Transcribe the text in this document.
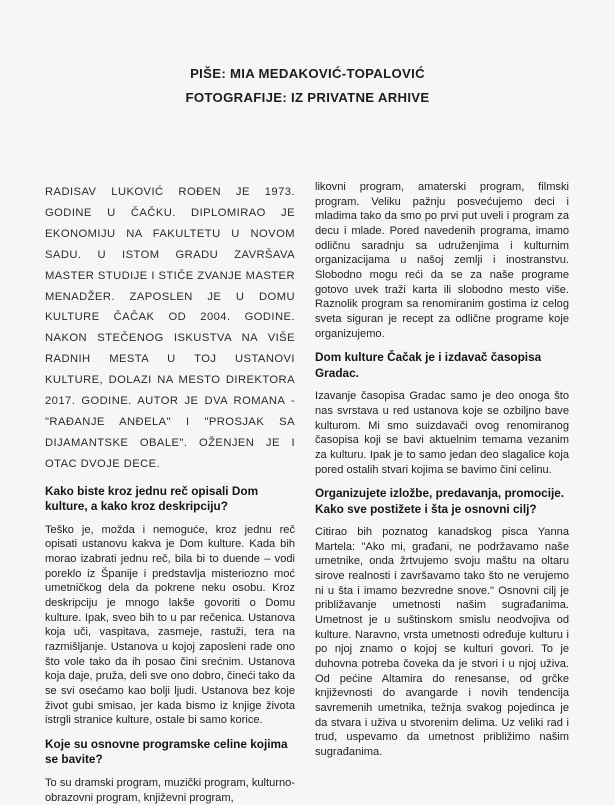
PIŠE: MIA MEDAKOVIĆ-TOPALOVIĆ
FOTOGRAFIJE: IZ PRIVATNE ARHIVE

RADISAV LUKOVIĆ ROĐEN JE 1973. GODINE U ČAČKU. DIPLOMIRAO JE EKONOMIJU NA FAKULTETU U NOVOM SADU. U ISTOM GRADU ZAVRŠAVA MASTER STUDIJE I STIČE ZVANJE MASTER MENADŽER. ZAPOSLEN JE U DOMU KULTURE ČAČAK OD 2004. GODINE. NAKON STEČENOG ISKUSTVA NA VIŠE RADNIH MESTA U TOJ USTANOVI KULTURE, DOLAZI NA MESTO DIREKTORA 2017. GODINE. AUTOR JE DVA ROMANA - "RAĐANJE ANĐELA" I "PROSJAK SA DIJAMANTSKE OBALE". OŽENJEN JE I OTAC DVOJE DECE.

Kako biste kroz jednu reč opisali Dom kulture, a kako kroz deskripciju?

Teško je, možda i nemoguće, kroz jednu reč opisati ustanovu kakva je Dom kulture. Kada bih morao izabrati jednu reč, bila bi to duende – vodi poreklo iz Španije i predstavlja misteriozno moć umetničkog dela da pokrene neku osobu. Kroz deskripciju je mnogo lakše govoriti o Domu kulture. Ipak, sveo bih to u par rečenica. Ustanova koja uči, vaspitava, zasmeje, rastuži, tera na razmišljanje. Ustanova u kojoj zaposleni rade ono što vole tako da ih posao čini srećnim. Ustanova koja daje, pruža, deli sve ono dobro, čineći tako da se svi osećamo kao bolji ljudi. Ustanova bez koje život gubi smisao, jer kada bismo iz knjige života istrgli stranice kulture, ostale bi samo korice.

Koje su osnovne programske celine kojima se bavite?

To su dramski program, muzički program, kulturno-obrazovni program, književni program,

likovni program, amaterski program, filmski program. Veliku pažnju posvećujemo deci i mladima tako da smo po prvi put uveli i program za decu i mlade. Pored navedenih programa, imamo odličnu saradnju sa udruženjima i kulturnim organizacijama u našoj zemlji i inostranstvu. Slobodno mogu reći da se za naše programe gotovo uvek traži karta ili slobodno mesto više. Raznolik program sa renomiranim gostima iz celog sveta siguran je recept za odlične programe koje organizujemo.

Dom kulture Čačak je i izdavač časopisa Gradac.

Izavanje časopisa Gradac samo je deo onoga što nas svrstava u red ustanova koje se ozbiljno bave kulturom. Mi smo suizdavači ovog renomiranog časopisa koji se bavi aktuelnim temama vezanim za kulturu. Ipak je to samo jedan deo slagalice koja pored ostalih stvari kojima se bavimo čini celinu.

Organizujete izložbe, predavanja, promocije. Kako sve postižete i šta je osnovni cilj?

Citirao bih poznatog kanadskog pisca Yanna Martela: "Ako mi, građani, ne podržavamo naše umetnike, onda žrtvujemo svoju maštu na oltaru sirove realnosti i završavamo tako što ne verujemo ni u šta i imamo bezvredne snove." Osnovni cilj je približavanje umetnosti našim sugrađanima. Umetnost je u suštinskom smislu neodvojiva od kulture. Naravno, vrsta umetnosti određuje kulturu i po njoj znamo o kojoj se kulturi govori. To je duhovna potreba čoveka da je stvori i u njoj uživa. Od pećine Altamira do renesanse, od grčke književnosti do avangarde i novih tendencija savremenih umetnika, težnja svakog pojedinca je da stvara i uživa u stvorenim delima. Uz veliki rad i trud, uspevamo da umetnost približimo našim sugrađanima.
